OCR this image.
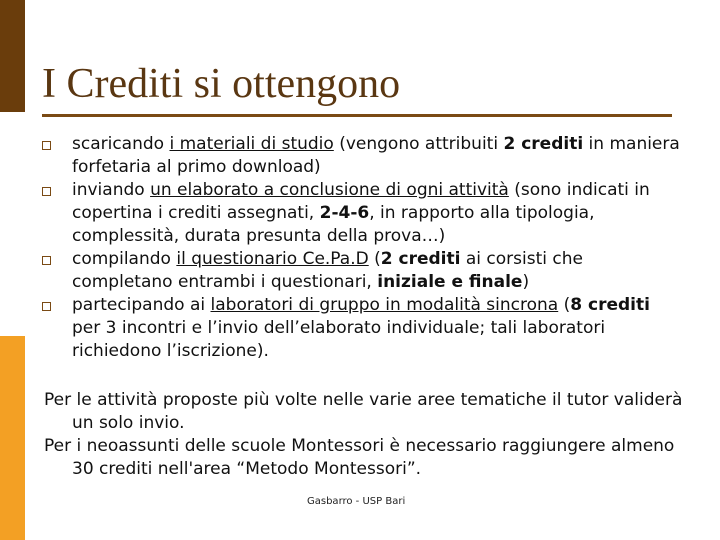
I Crediti si ottengono
scaricando i materiali di studio (vengono attribuiti 2 crediti in maniera forfetaria al primo download)
inviando un elaborato a conclusione di ogni attività (sono indicati in copertina i crediti assegnati, 2-4-6, in rapporto alla tipologia, complessità, durata presunta della prova…)
compilando il questionario Ce.Pa.D (2 crediti ai corsisti che completano entrambi i questionari, iniziale e finale)
partecipando ai laboratori di gruppo in modalità sincrona (8 crediti per 3 incontri e l’invio dell’elaborato individuale; tali laboratori richiedono l’iscrizione).

Per le attività proposte più volte nelle varie aree tematiche il tutor validerà un solo invio.

Per i neoassunti delle scuole Montessori è necessario raggiungere almeno 30 crediti nell'area “Metodo Montessori”.

Gasbarro - USP Bari
